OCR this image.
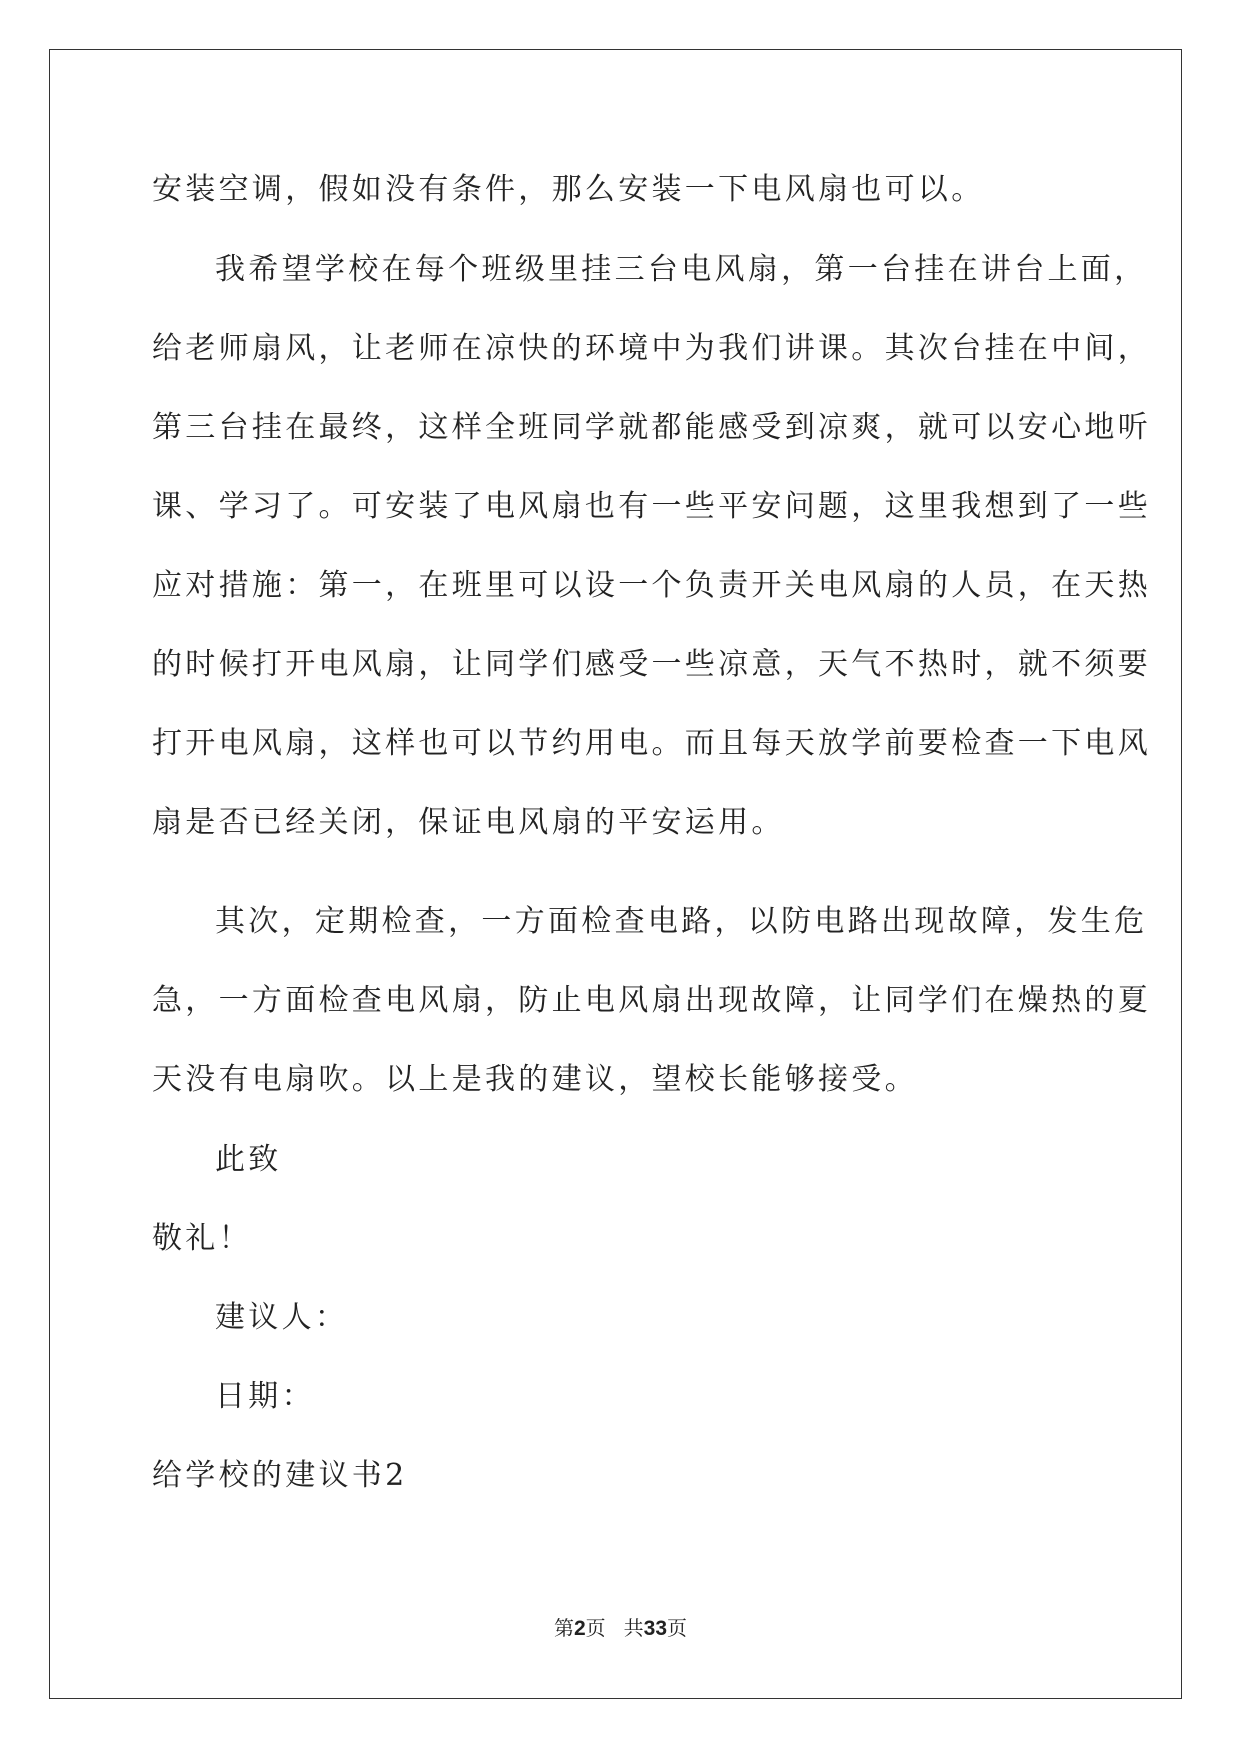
安装空调，假如没有条件，那么安装一下电风扇也可以。
我希望学校在每个班级里挂三台电风扇，第一台挂在讲台上面，
给老师扇风，让老师在凉快的环境中为我们讲课。其次台挂在中间，
第三台挂在最终，这样全班同学就都能感受到凉爽，就可以安心地听
课、学习了。可安装了电风扇也有一些平安问题，这里我想到了一些
应对措施：第一，在班里可以设一个负责开关电风扇的人员，在天热
的时候打开电风扇，让同学们感受一些凉意，天气不热时，就不须要
打开电风扇，这样也可以节约用电。而且每天放学前要检查一下电风
扇是否已经关闭，保证电风扇的平安运用。
其次，定期检查，一方面检查电路，以防电路出现故障，发生危
急，一方面检查电风扇，防止电风扇出现故障，让同学们在燥热的夏
天没有电扇吹。以上是我的建议，望校长能够接受。
此致
敬礼！
建议人：
日期：
给学校的建议书2
第2页 共33页
